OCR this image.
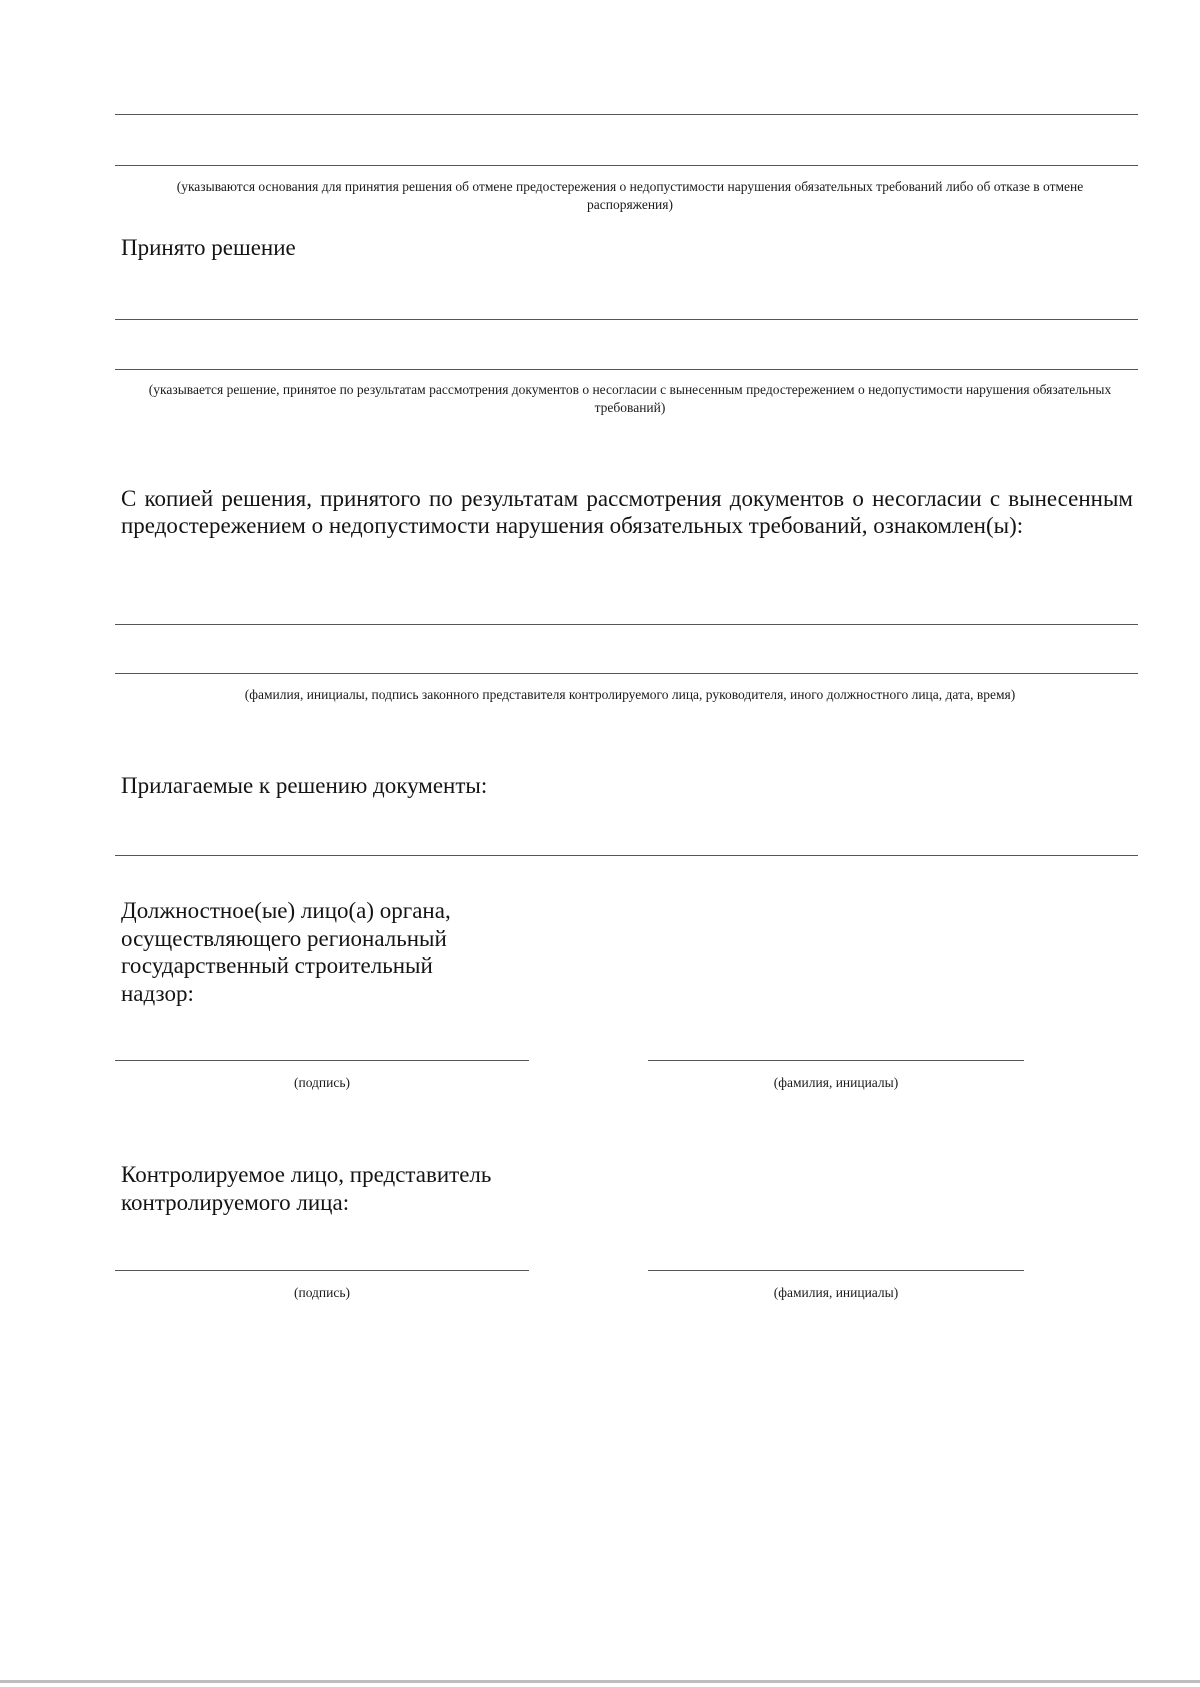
(указываются основания для принятия решения об отмене предостережения о недопустимости нарушения обязательных требований либо об отказе в отмене распоряжения)
Принято решение
(указывается решение, принятое по результатам рассмотрения документов о несогласии с вынесенным предостережением о недопустимости нарушения обязательных требований)
С копией решения, принятого по результатам рассмотрения документов о несогласии с вынесенным предостережением о недопустимости нарушения обязательных требований, ознакомлен(ы):
(фамилия, инициалы, подпись законного представителя контролируемого лица, руководителя, иного должностного лица, дата, время)
Прилагаемые к решению документы:
Должностное(ые) лицо(а) органа,
осуществляющего региональный
государственный строительный
надзор:
(подпись)	(фамилия, инициалы)
Контролируемое лицо, представитель
контролируемого лица:
(подпись)	(фамилия, инициалы)
